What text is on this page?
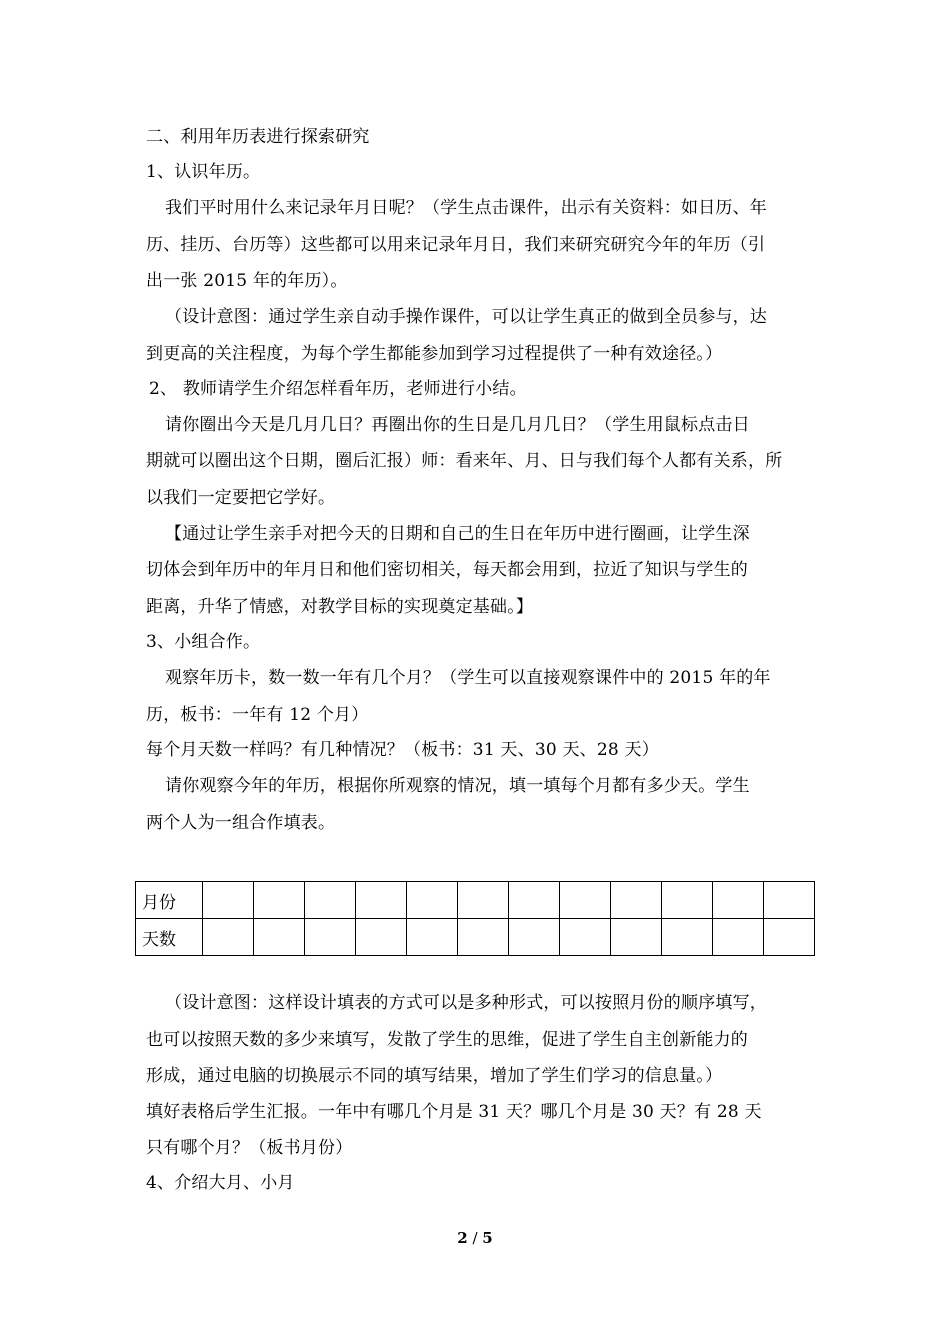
二、利用年历表进行探索研究
1、认识年历。
我们平时用什么来记录年月日呢？（学生点击课件，出示有关资料：如日历、年
历、挂历、台历等）这些都可以用来记录年月日，我们来研究研究今年的年历（引
出一张 2015 年的年历）。
（设计意图：通过学生亲自动手操作课件，可以让学生真正的做到全员参与，达
到更高的关注程度，为每个学生都能参加到学习过程提供了一种有效途径。）
2、 教师请学生介绍怎样看年历，老师进行小结。
请你圈出今天是几月几日？再圈出你的生日是几月几日？（学生用鼠标点击日
期就可以圈出这个日期，圈后汇报）师：看来年、月、日与我们每个人都有关系，所
以我们一定要把它学好。
【通过让学生亲手对把今天的日期和自己的生日在年历中进行圈画，让学生深
切体会到年历中的年月日和他们密切相关，每天都会用到，拉近了知识与学生的
距离，升华了情感，对教学目标的实现奠定基础。】
3、小组合作。
观察年历卡，数一数一年有几个月？（学生可以直接观察课件中的 2015 年的年
历，板书：一年有 12 个月）
每个月天数一样吗？有几种情况？（板书：31 天、30 天、28 天）
请你观察今年的年历，根据你所观察的情况，填一填每个月都有多少天。学生
两个人为一组合作填表。
月份												
天数												
（设计意图：这样设计填表的方式可以是多种形式，可以按照月份的顺序填写，
也可以按照天数的多少来填写，发散了学生的思维，促进了学生自主创新能力的
形成，通过电脑的切换展示不同的填写结果，增加了学生们学习的信息量。）
填好表格后学生汇报。一年中有哪几个月是 31 天？哪几个月是 30 天？有 28 天
只有哪个月？（板书月份）
4、介绍大月、小月
2 / 5
